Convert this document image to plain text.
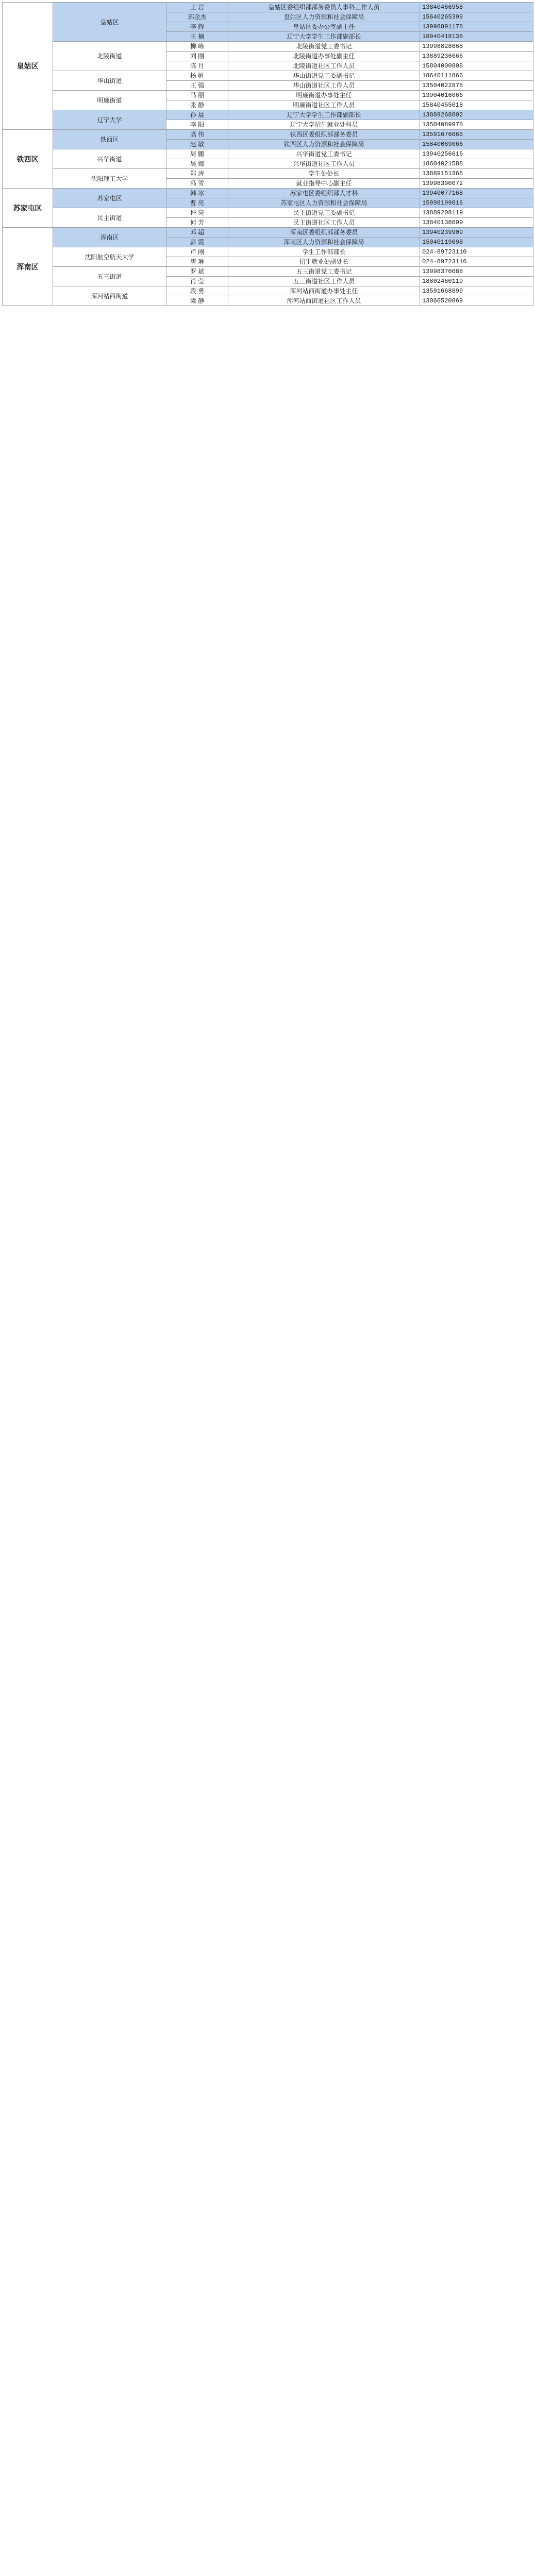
皇姑区	皇姑区	王 岩	皇姑区委组织部部务委员人事科工作人员	13840466958
		郭金杰	皇姑区人力资源和社会保障局	15640265399
		李 辉	皇姑区委办公室副主任	13998891178
		王 楠	辽宁大学学生工作部副部长	18940418138
	北陵街道	柳 峰	北陵街道党工委书记	13998828668
		刘 刚	北陵街道办事处副主任	13889236066
		陈 月	北陵街道社区工作人员	15804000808
	华山街道	杨 帆	华山街道党工委副书记	18640111866
		王 强	华山街道社区工作人员	13504022878
	明廉街道	马 丽	明廉街道办事处主任	13904016066
		张 静	明廉街道社区工作人员	15840455018
	辽宁大学	孙 晨	辽宁大学学生工作部副部长	13889268802
		李 阳	辽宁大学招生就业处科员	13504089978
铁西区	铁西区	高 伟	铁西区委组织部部务委员	13591676866
		赵 敏	铁西区人力资源和社会保障局	15840089066
	兴华街道	周 鹏	兴华街道党工委书记	13940256616
		吴 娜	兴华街道社区工作人员	18604021588
	沈阳理工大学	郑 涛	学生处处长	13889151368
		冯 雪	就业指导中心副主任	13998390072
苏家屯区	苏家屯区	韩 冰	苏家屯区委组织部人才科	13940077168
		曹 亮	苏家屯区人力资源和社会保障局	15998199816
	民主街道	许 亮	民主街道党工委副书记	13889208119
		何 芳	民主街道社区工作人员	13840138699
浑南区	浑南区	邓 超	浑南区委组织部部务委员	13940239909
		彭 霞	浑南区人力资源和社会保障局	15040119698
	沈阳航空航天大学	卢 刚	学生工作部部长	024-89723110
		唐 琳	招生就业处副处长	024-89723116
	五三街道	罗 斌	五三街道党工委书记	13998370688
		肖 莹	五三街道社区工作人员	18802460119
	浑河站西街道	段 勇	浑河站西街道办事处主任	13591668899
		梁 静	浑河站西街道社区工作人员	13066520869
